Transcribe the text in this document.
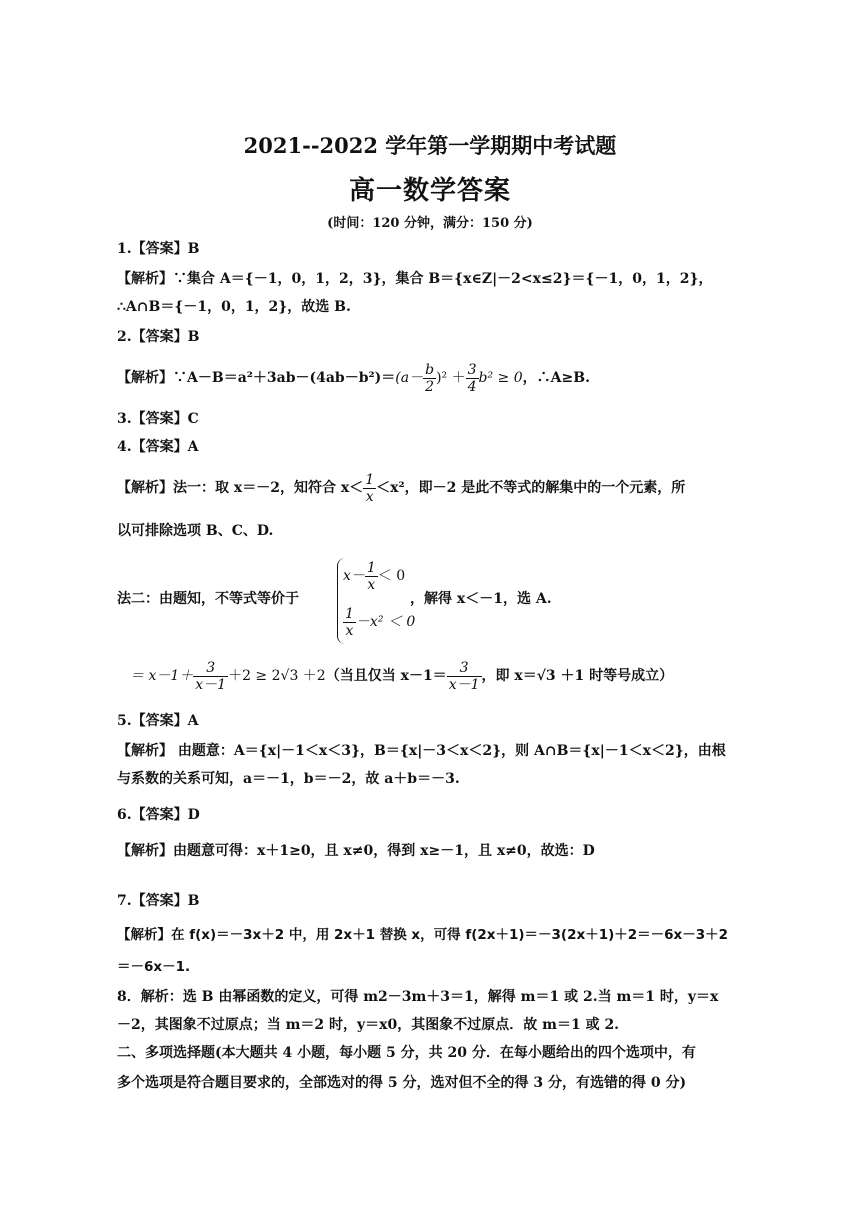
2021--2022 学年第一学期期中考试题
高一数学答案
(时间：120 分钟，满分：150 分)
1.【答案】B
【解析】∵集合 A＝{－1，0，1，2，3}，集合 B＝{x∈Z|－2<x≤2}＝{－1，0，1，2}，
∴A∩B＝{－1，0，1，2}，故选 B.
2.【答案】B
【解析】∵A－B＝a²＋3ab－(4ab－b²)＝(a－ $\frac{b}{2} )^2 + \frac{3}{4} b^2 \ge 0$，∴A≥B.
3.【答案】C
4.【答案】A
【解析】法一：取 x＝－2，知符合 $x< \frac{1}{x} <x^2$，即－2 是此不等式的解集中的一个元素，所
以可排除选项 B、C、D.
法二：由题知，不等式等价于
$x- \frac{1}{x} < 0$
$\frac{1}{x} -x^2 < 0$
，解得 x＜－1，选 A.
＝ $x-1+ \frac{3}{x-1} +2 \ge 2√3 +2$（当且仅当 $x-1= \frac{3}{x-1}$ ，即 x＝√3 ＋1 时等号成立）
5.【答案】A
【解析】 由题意：A＝{x|－1＜x＜3}，B＝{x|－3＜x＜2}，则 A∩B＝{x|－1＜x＜2}，由根
与系数的关系可知，a＝－1，b＝－2，故 a＋b＝－3.
6.【答案】D
【解析】由题意可得：x＋1≥0，且 x≠0，得到 x≥－1，且 x≠0，故选：D
7.【答案】B
【解析】在 f(x)＝－3x＋2 中，用 2x＋1 替换 x，可得 f(2x＋1)＝－3(2x＋1)＋2＝－6x－3＋2
＝－6x－1.
8．解析：选 B 由幂函数的定义，可得 m2－3m＋3＝1，解得 m＝1 或 2.当 m＝1 时，y＝x
－2，其图象不过原点；当 m＝2 时，y＝x0，其图象不过原点．故 m＝1 或 2.
二、多项选择题(本大题共 4 小题，每小题 5 分，共 20 分．在每小题给出的四个选项中，有
多个选项是符合题目要求的，全部选对的得 5 分，选对但不全的得 3 分，有选错的得 0 分)
